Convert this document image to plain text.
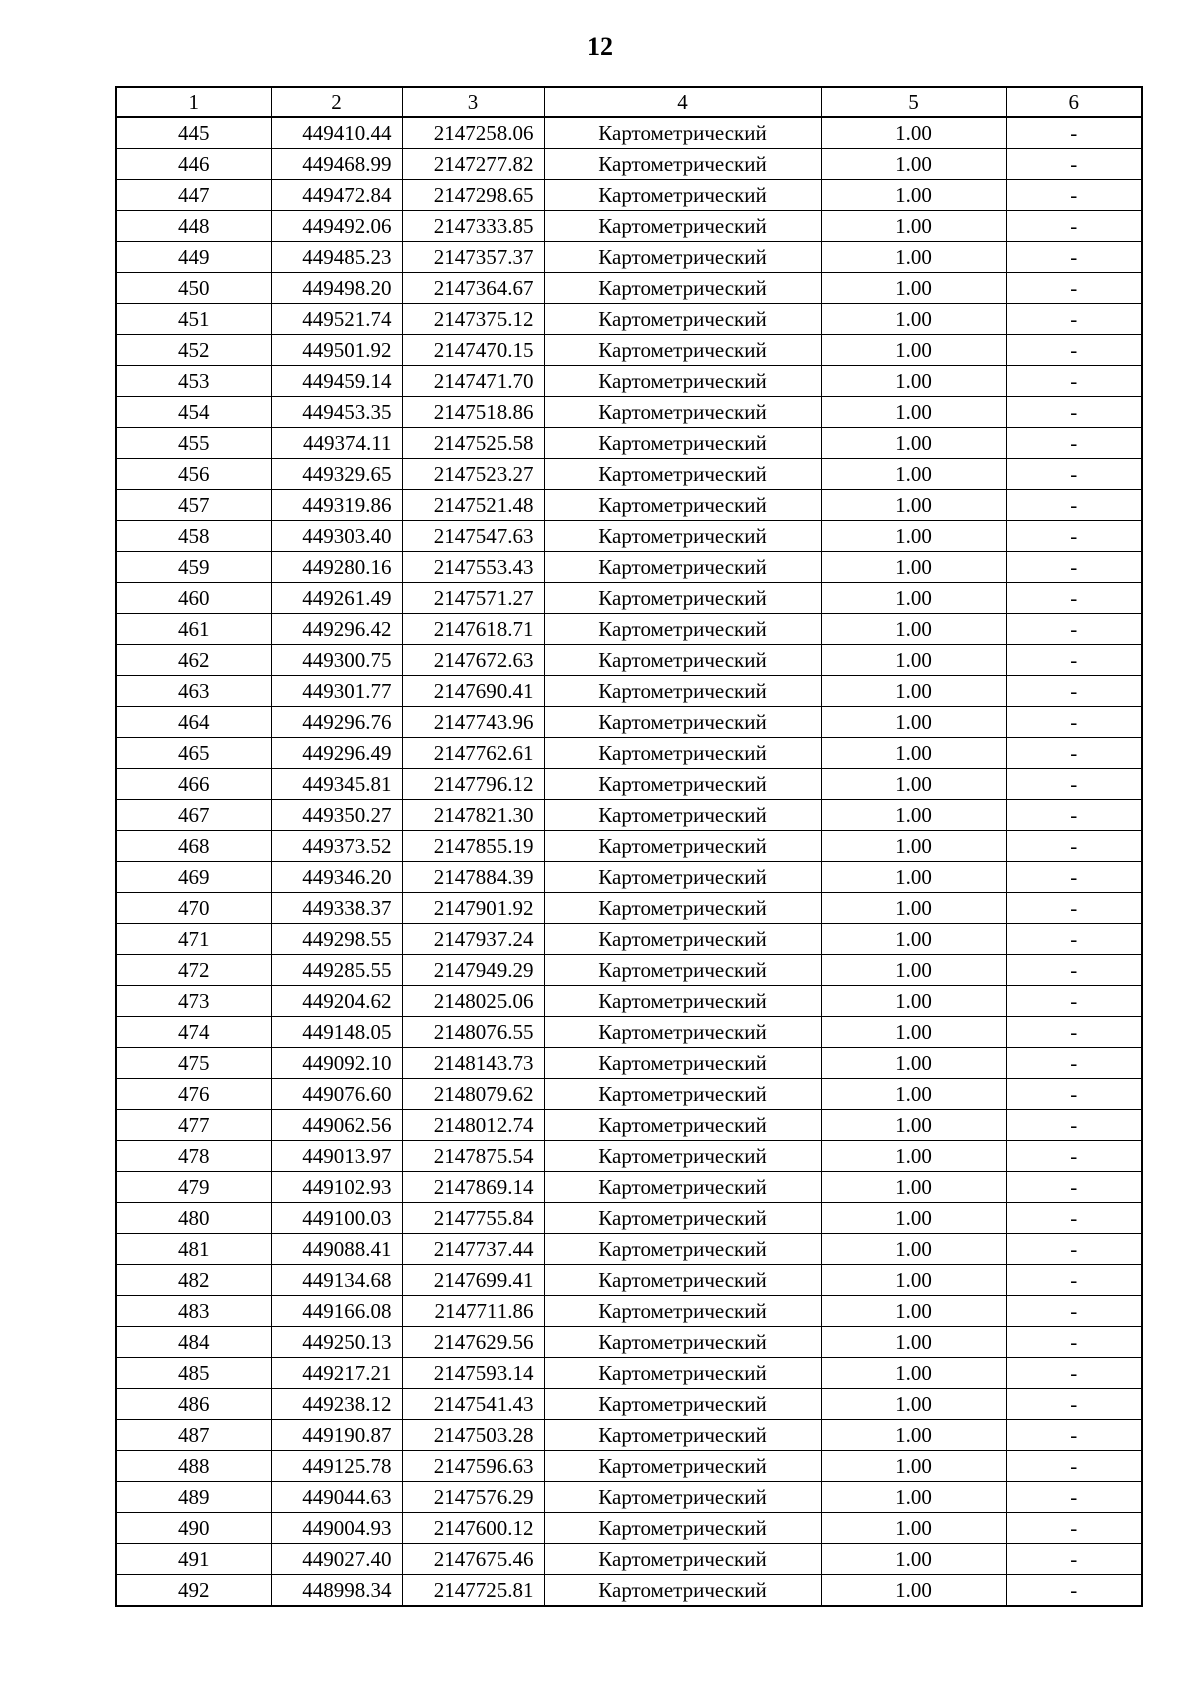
12
1	2	3	4	5	6
445	449410.44	2147258.06	Картометрический	1.00	-
446	449468.99	2147277.82	Картометрический	1.00	-
447	449472.84	2147298.65	Картометрический	1.00	-
448	449492.06	2147333.85	Картометрический	1.00	-
449	449485.23	2147357.37	Картометрический	1.00	-
450	449498.20	2147364.67	Картометрический	1.00	-
451	449521.74	2147375.12	Картометрический	1.00	-
452	449501.92	2147470.15	Картометрический	1.00	-
453	449459.14	2147471.70	Картометрический	1.00	-
454	449453.35	2147518.86	Картометрический	1.00	-
455	449374.11	2147525.58	Картометрический	1.00	-
456	449329.65	2147523.27	Картометрический	1.00	-
457	449319.86	2147521.48	Картометрический	1.00	-
458	449303.40	2147547.63	Картометрический	1.00	-
459	449280.16	2147553.43	Картометрический	1.00	-
460	449261.49	2147571.27	Картометрический	1.00	-
461	449296.42	2147618.71	Картометрический	1.00	-
462	449300.75	2147672.63	Картометрический	1.00	-
463	449301.77	2147690.41	Картометрический	1.00	-
464	449296.76	2147743.96	Картометрический	1.00	-
465	449296.49	2147762.61	Картометрический	1.00	-
466	449345.81	2147796.12	Картометрический	1.00	-
467	449350.27	2147821.30	Картометрический	1.00	-
468	449373.52	2147855.19	Картометрический	1.00	-
469	449346.20	2147884.39	Картометрический	1.00	-
470	449338.37	2147901.92	Картометрический	1.00	-
471	449298.55	2147937.24	Картометрический	1.00	-
472	449285.55	2147949.29	Картометрический	1.00	-
473	449204.62	2148025.06	Картометрический	1.00	-
474	449148.05	2148076.55	Картометрический	1.00	-
475	449092.10	2148143.73	Картометрический	1.00	-
476	449076.60	2148079.62	Картометрический	1.00	-
477	449062.56	2148012.74	Картометрический	1.00	-
478	449013.97	2147875.54	Картометрический	1.00	-
479	449102.93	2147869.14	Картометрический	1.00	-
480	449100.03	2147755.84	Картометрический	1.00	-
481	449088.41	2147737.44	Картометрический	1.00	-
482	449134.68	2147699.41	Картометрический	1.00	-
483	449166.08	2147711.86	Картометрический	1.00	-
484	449250.13	2147629.56	Картометрический	1.00	-
485	449217.21	2147593.14	Картометрический	1.00	-
486	449238.12	2147541.43	Картометрический	1.00	-
487	449190.87	2147503.28	Картометрический	1.00	-
488	449125.78	2147596.63	Картометрический	1.00	-
489	449044.63	2147576.29	Картометрический	1.00	-
490	449004.93	2147600.12	Картометрический	1.00	-
491	449027.40	2147675.46	Картометрический	1.00	-
492	448998.34	2147725.81	Картометрический	1.00	-
